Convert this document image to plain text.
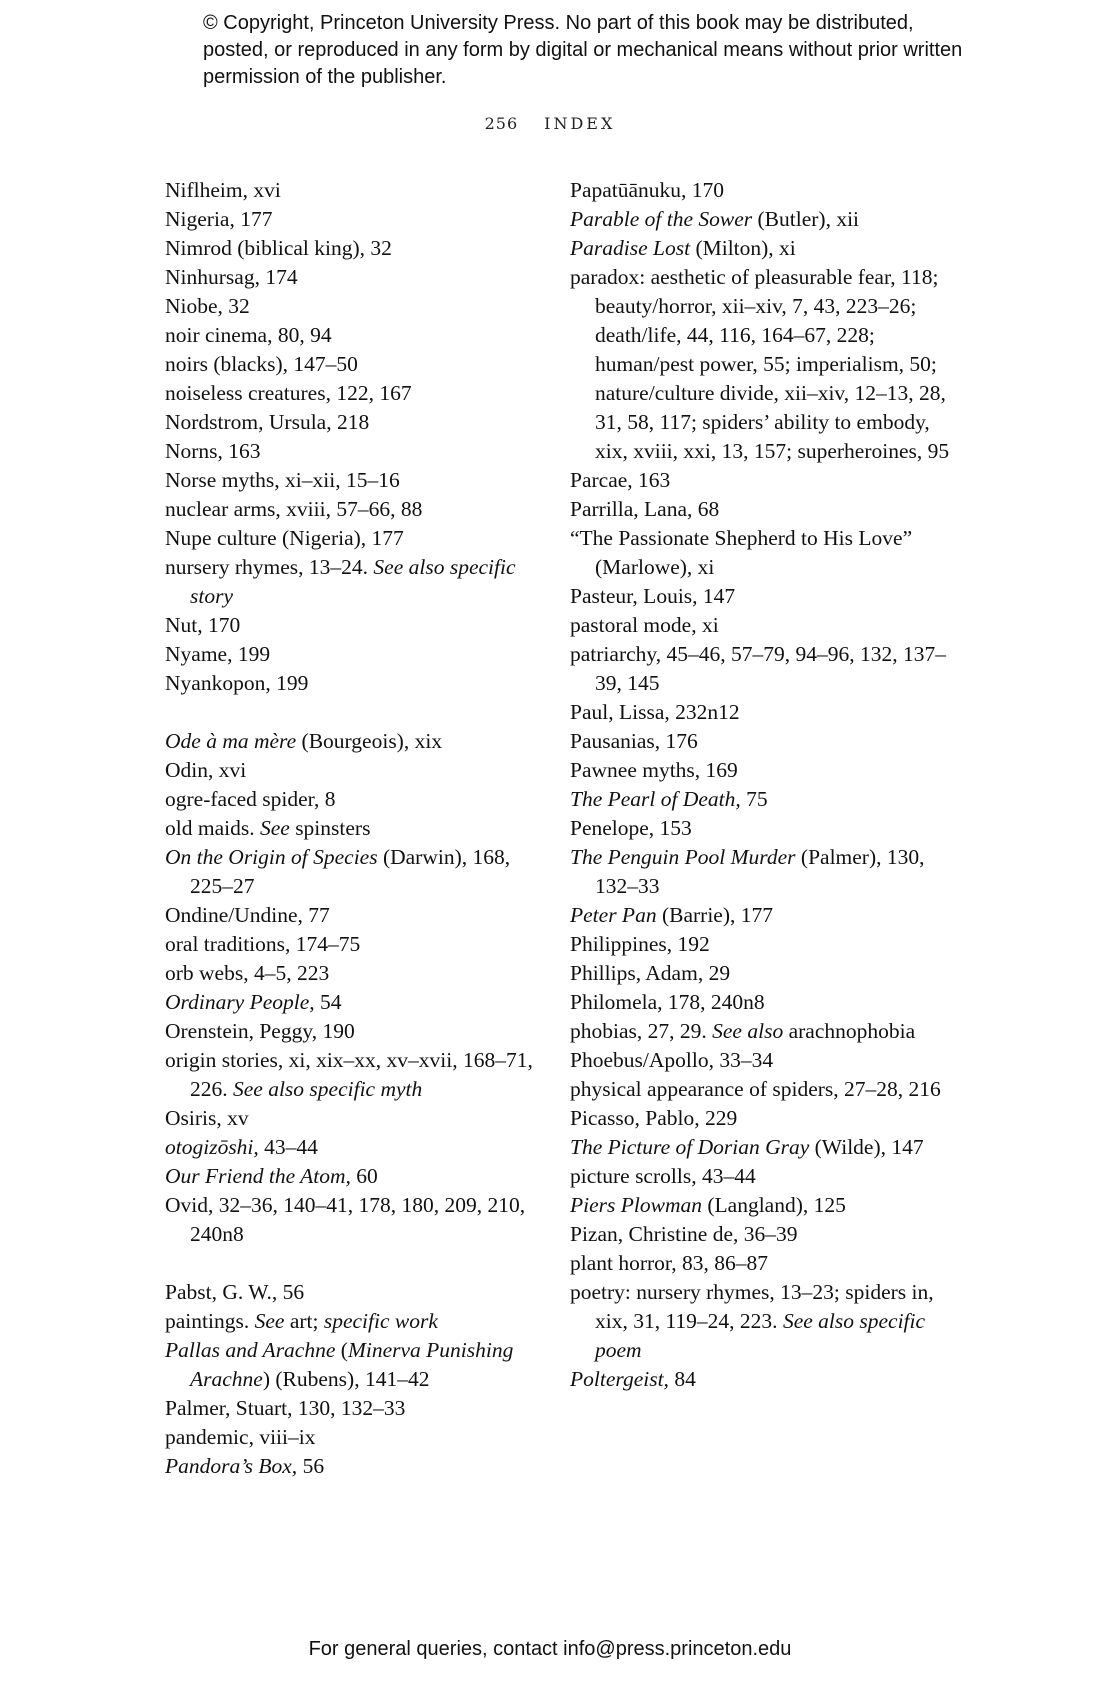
© Copyright, Princeton University Press. No part of this book may be distributed, posted, or reproduced in any form by digital or mechanical means without prior written permission of the publisher.
256 INDEX
Niflheim, xvi
Nigeria, 177
Nimrod (biblical king), 32
Ninhursag, 174
Niobe, 32
noir cinema, 80, 94
noirs (blacks), 147–50
noiseless creatures, 122, 167
Nordstrom, Ursula, 218
Norns, 163
Norse myths, xi–xii, 15–16
nuclear arms, xviii, 57–66, 88
Nupe culture (Nigeria), 177
nursery rhymes, 13–24. See also specific story
Nut, 170
Nyame, 199
Nyankopon, 199
Ode à ma mère (Bourgeois), xix
Odin, xvi
ogre-faced spider, 8
old maids. See spinsters
On the Origin of Species (Darwin), 168, 225–27
Ondine/Undine, 77
oral traditions, 174–75
orb webs, 4–5, 223
Ordinary People, 54
Orenstein, Peggy, 190
origin stories, xi, xix–xx, xv–xvii, 168–71, 226. See also specific myth
Osiris, xv
otogizōshi, 43–44
Our Friend the Atom, 60
Ovid, 32–36, 140–41, 178, 180, 209, 210, 240n8
Pabst, G. W., 56
paintings. See art; specific work
Pallas and Arachne (Minerva Punishing Arachne) (Rubens), 141–42
Palmer, Stuart, 130, 132–33
pandemic, viii–ix
Pandora’s Box, 56
Papatūānuku, 170
Parable of the Sower (Butler), xii
Paradise Lost (Milton), xi
paradox: aesthetic of pleasurable fear, 118; beauty/horror, xii–xiv, 7, 43, 223–26; death/life, 44, 116, 164–67, 228; human/pest power, 55; imperialism, 50; nature/culture divide, xii–xiv, 12–13, 28, 31, 58, 117; spiders’ ability to embody, xix, xviii, xxi, 13, 157; superheroines, 95
Parcae, 163
Parrilla, Lana, 68
“The Passionate Shepherd to His Love” (Marlowe), xi
Pasteur, Louis, 147
pastoral mode, xi
patriarchy, 45–46, 57–79, 94–96, 132, 137–39, 145
Paul, Lissa, 232n12
Pausanias, 176
Pawnee myths, 169
The Pearl of Death, 75
Penelope, 153
The Penguin Pool Murder (Palmer), 130, 132–33
Peter Pan (Barrie), 177
Philippines, 192
Phillips, Adam, 29
Philomela, 178, 240n8
phobias, 27, 29. See also arachnophobia
Phoebus/Apollo, 33–34
physical appearance of spiders, 27–28, 216
Picasso, Pablo, 229
The Picture of Dorian Gray (Wilde), 147
picture scrolls, 43–44
Piers Plowman (Langland), 125
Pizan, Christine de, 36–39
plant horror, 83, 86–87
poetry: nursery rhymes, 13–23; spiders in, xix, 31, 119–24, 223. See also specific poem
Poltergeist, 84
For general queries, contact info@press.princeton.edu
